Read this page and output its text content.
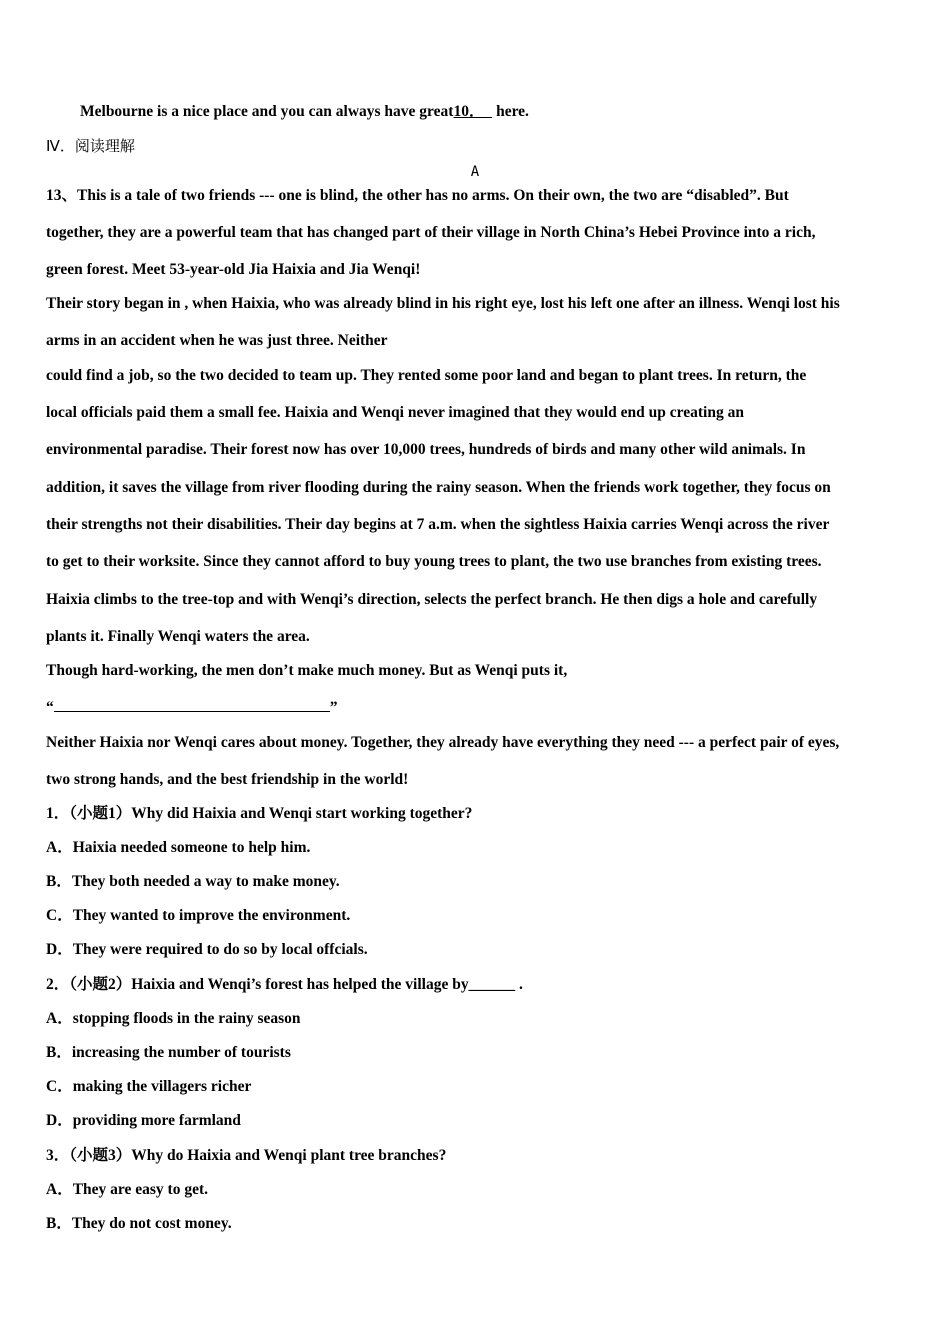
Melbourne is a nice place and you can always have great10．   here.
Ⅳ．阅读理解
A
13、This is a tale of two friends --- one is blind, the other has no arms. On their own, the two are “disabled”. But
together, they are a powerful team that has changed part of their village in North China’s Hebei Province into a rich,
green forest. Meet 53-year-old Jia Haixia and Jia Wenqi!
Their story began in , when Haixia, who was already blind in his right eye, lost his left one after an illness. Wenqi lost his
arms in an accident when he was just three. Neither
could find a job, so the two decided to team up. They rented some poor land and began to plant trees. In return, the
local officials paid them a small fee. Haixia and Wenqi never imagined that they would end up creating an
environmental paradise. Their forest now has over 10,000 trees, hundreds of birds and many other wild animals. In
addition, it saves the village from river flooding during the rainy season. When the friends work together, they focus on
their strengths not their disabilities. Their day begins at 7 a.m. when the sightless Haixia carries Wenqi across the river
to get to their worksite. Since they cannot afford to buy young trees to plant, the two use branches from existing trees.
Haixia climbs to the tree-top and with Wenqi’s direction, selects the perfect branch. He then digs a hole and carefully
plants it. Finally Wenqi waters the area.
Though hard-working, the men don’t make much money. But as Wenqi puts it,
“	”
Neither Haixia nor Wenqi cares about money. Together, they already have everything they need --- a perfect pair of eyes,
two strong hands, and the best friendship in the world!
1．（小题1）Why did Haixia and Wenqi start working together?
A．Haixia needed someone to help him.
B．They both needed a way to make money.
C．They wanted to improve the environment.
D．They were required to do so by local offcials.
2．（小题2）Haixia and Wenqi’s forest has helped the village by______ .
A．stopping floods in the rainy season
B．increasing the number of tourists
C．making the villagers richer
D．providing more farmland
3．（小题3）Why do Haixia and Wenqi plant tree branches?
A．They are easy to get.
B．They do not cost money.
